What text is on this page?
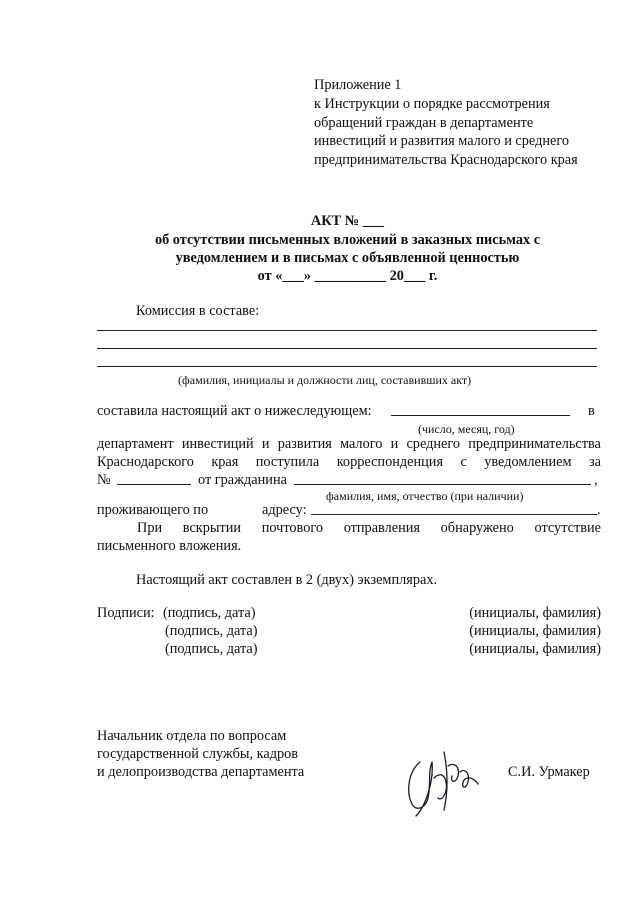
Приложение 1
к Инструкции о порядке рассмотрения
обращений граждан в департаменте
инвестиций и развития малого и среднего
предпринимательства Краснодарского края
АКТ № ___
об отсутствии письменных вложений в заказных письмах с
уведомлением и в письмах с объявленной ценностью
от «___» __________ 20___ г.
Комиссия в составе:
(фамилия, инициалы и должности лиц, составивших акт)
составила настоящий акт о нижеследующем:	в
(число, месяц, год)
департамент инвестиций и развития малого и среднего предпринимательства
Краснодарского края поступила корреспонденция с уведомлением за
№	от гражданина	,
фамилия, имя, отчество (при наличии)
проживающего по	адресу:	.
При вскрытии почтового отправления обнаружено отсутствие
письменного вложения.
Настоящий акт составлен в 2 (двух) экземплярах.
Подписи: (подпись, дата)	(инициалы, фамилия)
(подпись, дата)	(инициалы, фамилия)
(подпись, дата)	(инициалы, фамилия)
Начальник отдела по вопросам
государственной службы, кадров
и делопроизводства департамента	С.И. Урмакер
